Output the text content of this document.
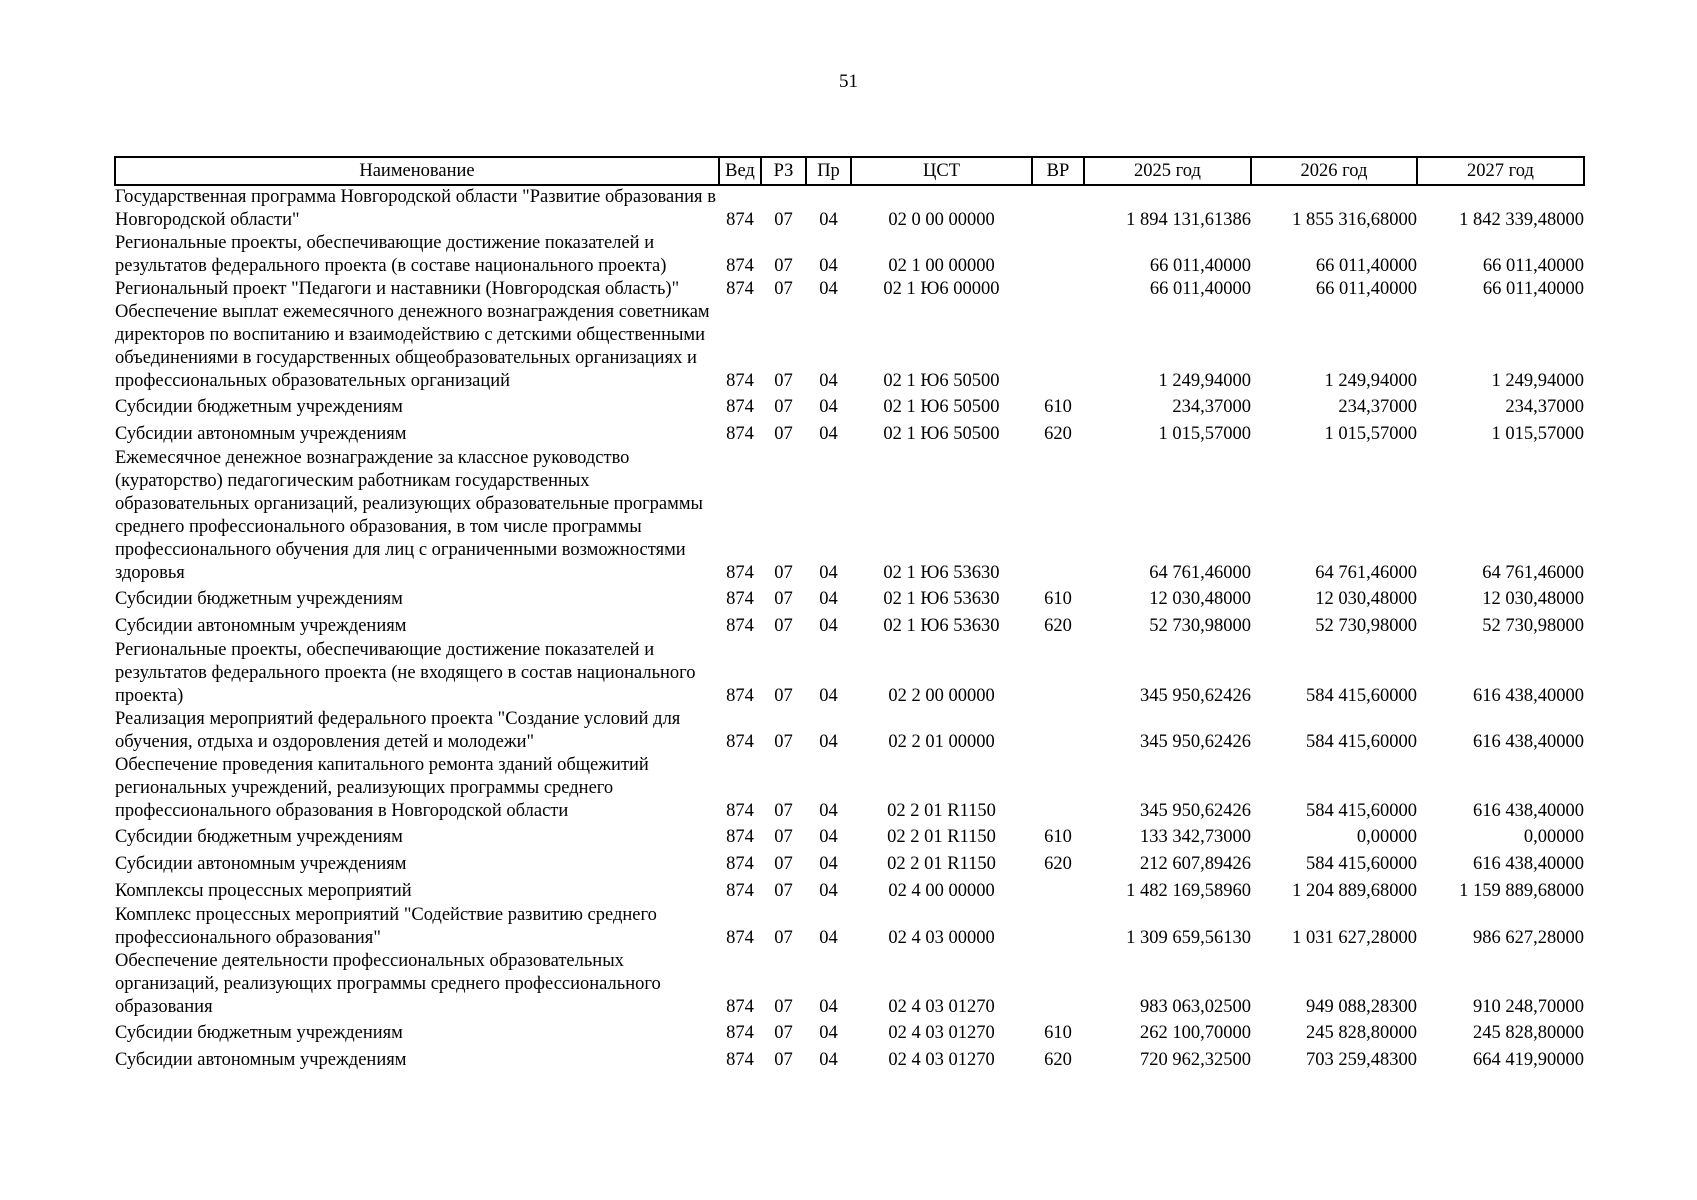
51
Наименование	Вед	РЗ	Пр	ЦСТ	ВР	2025 год	2026 год	2027 год
Государственная программа Новгородской области "Развитие образования в Новгородской области"	874	07	04	02 0 00 00000		1 894 131,61386	1 855 316,68000	1 842 339,48000
Региональные проекты, обеспечивающие достижение показателей и результатов федерального проекта (в составе национального проекта)	874	07	04	02 1 00 00000		66 011,40000	66 011,40000	66 011,40000
Региональный проект "Педагоги и наставники (Новгородская область)"	874	07	04	02 1 Ю6 00000		66 011,40000	66 011,40000	66 011,40000
Обеспечение выплат ежемесячного денежного вознаграждения советникам директоров по воспитанию и взаимодействию с детскими общественными объединениями в государственных общеобразовательных организациях и профессиональных образовательных организаций	874	07	04	02 1 Ю6 50500		1 249,94000	1 249,94000	1 249,94000
Субсидии бюджетным учреждениям	874	07	04	02 1 Ю6 50500	610	234,37000	234,37000	234,37000
Субсидии автономным учреждениям	874	07	04	02 1 Ю6 50500	620	1 015,57000	1 015,57000	1 015,57000
Ежемесячное денежное вознаграждение за классное руководство (кураторство) педагогическим работникам государственных образовательных организаций, реализующих образовательные программы среднего профессионального образования, в том числе программы профессионального обучения для лиц с ограниченными возможностями здоровья	874	07	04	02 1 Ю6 53630		64 761,46000	64 761,46000	64 761,46000
Субсидии бюджетным учреждениям	874	07	04	02 1 Ю6 53630	610	12 030,48000	12 030,48000	12 030,48000
Субсидии автономным учреждениям	874	07	04	02 1 Ю6 53630	620	52 730,98000	52 730,98000	52 730,98000
Региональные проекты, обеспечивающие достижение показателей и результатов федерального проекта (не входящего в состав национального проекта)	874	07	04	02 2 00 00000		345 950,62426	584 415,60000	616 438,40000
Реализация мероприятий федерального проекта "Создание условий для обучения, отдыха и оздоровления детей и молодежи"	874	07	04	02 2 01 00000		345 950,62426	584 415,60000	616 438,40000
Обеспечение проведения капитального ремонта зданий общежитий региональных учреждений, реализующих программы среднего профессионального образования в Новгородской области	874	07	04	02 2 01 R1150		345 950,62426	584 415,60000	616 438,40000
Субсидии бюджетным учреждениям	874	07	04	02 2 01 R1150	610	133 342,73000	0,00000	0,00000
Субсидии автономным учреждениям	874	07	04	02 2 01 R1150	620	212 607,89426	584 415,60000	616 438,40000
Комплексы процессных мероприятий	874	07	04	02 4 00 00000		1 482 169,58960	1 204 889,68000	1 159 889,68000
Комплекс процессных мероприятий "Содействие развитию среднего профессионального образования"	874	07	04	02 4 03 00000		1 309 659,56130	1 031 627,28000	986 627,28000
Обеспечение деятельности профессиональных образовательных организаций, реализующих программы среднего профессионального образования	874	07	04	02 4 03 01270		983 063,02500	949 088,28300	910 248,70000
Субсидии бюджетным учреждениям	874	07	04	02 4 03 01270	610	262 100,70000	245 828,80000	245 828,80000
Субсидии автономным учреждениям	874	07	04	02 4 03 01270	620	720 962,32500	703 259,48300	664 419,90000
